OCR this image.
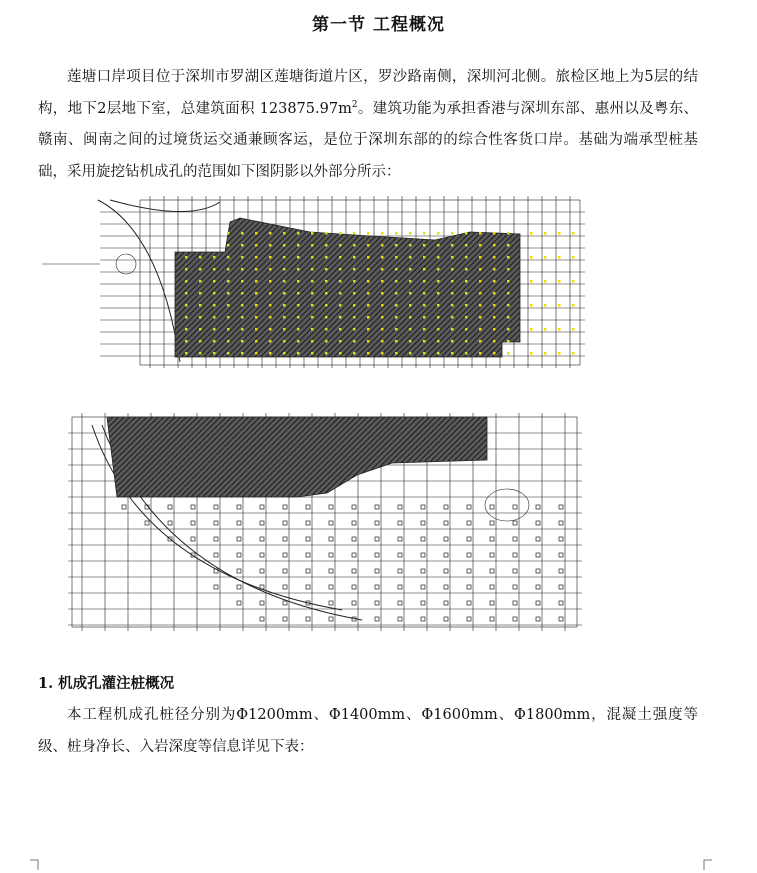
第一节 工程概况
莲塘口岸项目位于深圳市罗湖区莲塘街道片区，罗沙路南侧，深圳河北侧。旅检区地上为5层的结构，地下2层地下室，总建筑面积 $123875.97m^2$。建筑功能为承担香港与深圳东部、惠州以及粤东、赣南、闽南之间的过境货运交通兼顾客运，是位于深圳东部的的综合性客货口岸。基础为端承型桩基础，采用旋挖钻机成孔的范围如下图阴影以外部分所示：
1. 机成孔灌注桩概况
本工程机成孔桩径分别为Φ1200mm、Φ1400mm、Φ1600mm、Φ1800mm，混凝土强度等级、桩身净长、入岩深度等信息详见下表：
